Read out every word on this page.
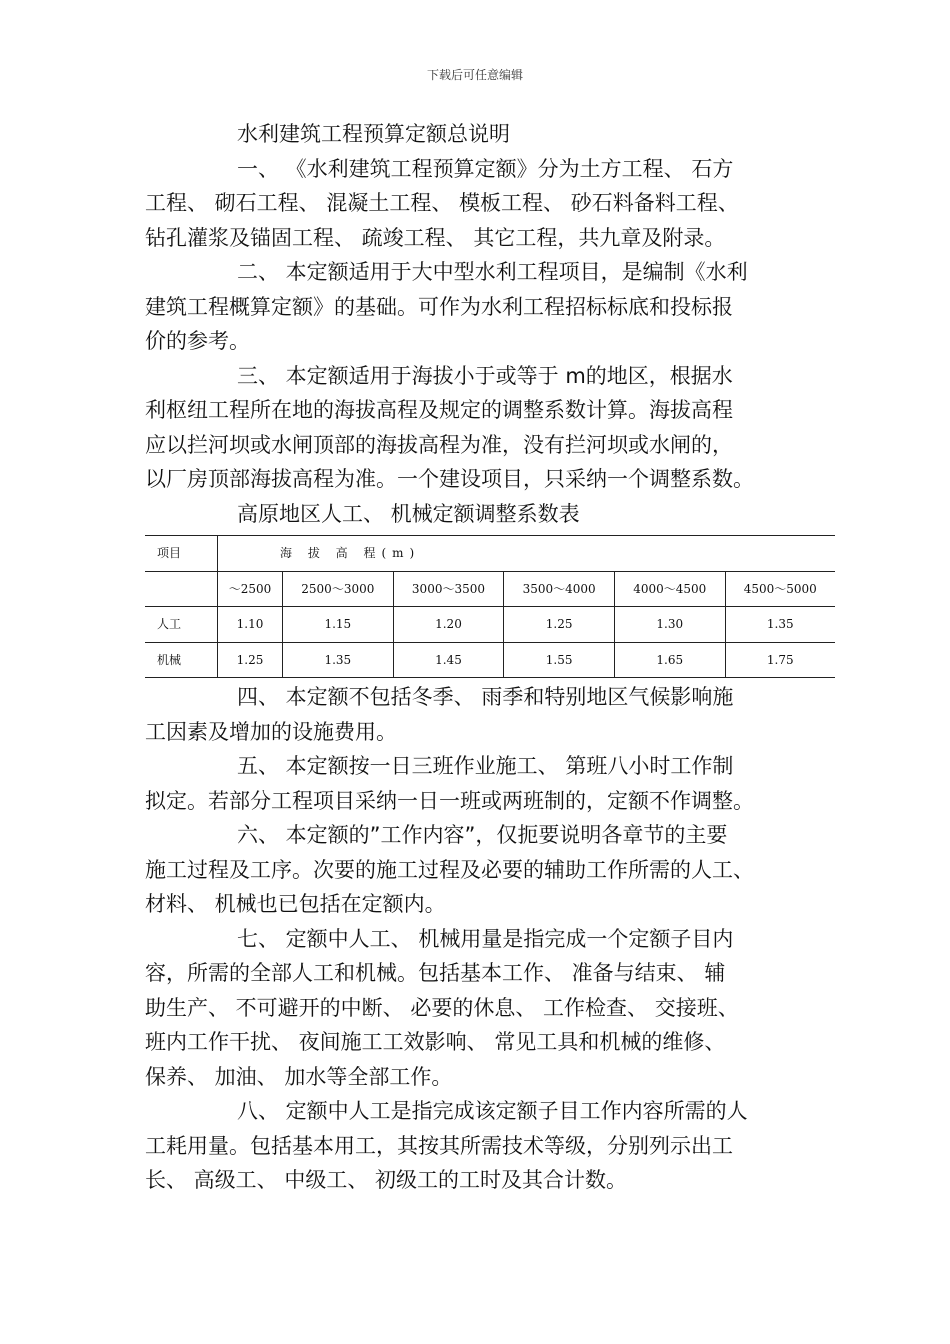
下载后可任意编辑

水利建筑工程预算定额总说明

一、 《水利建筑工程预算定额》分为土方工程、 石方
工程、 砌石工程、 混凝土工程、 模板工程、 砂石料备料工程、
钻孔灌浆及锚固工程、 疏竣工程、 其它工程，共九章及附录。

二、 本定额适用于大中型水利工程项目，是编制《水利
建筑工程概算定额》的基础。可作为水利工程招标标底和投标报
价的参考。

三、 本定额适用于海拔小于或等于 m的地区，根据水
利枢纽工程所在地的海拔高程及规定的调整系数计算。海拔高程
应以拦河坝或水闸顶部的海拔高程为准，没有拦河坝或水闸的，
以厂房顶部海拔高程为准。一个建设项目，只采纳一个调整系数。

高原地区人工、 机械定额调整系数表

项目	海 拔 高 程(m)					
	～2500	2500～3000	3000～3500	3500～4000	4000～4500	4500～5000
人工	1.10	1.15	1.20	1.25	1.30	1.35
机械	1.25	1.35	1.45	1.55	1.65	1.75

四、 本定额不包括冬季、 雨季和特别地区气候影响施
工因素及增加的设施费用。

五、 本定额按一日三班作业施工、 第班八小时工作制
拟定。若部分工程项目采纳一日一班或两班制的，定额不作调整。

六、 本定额的”工作内容”，仅扼要说明各章节的主要
施工过程及工序。次要的施工过程及必要的辅助工作所需的人工、
材料、 机械也已包括在定额内。

七、 定额中人工、 机械用量是指完成一个定额子目内
容，所需的全部人工和机械。包括基本工作、 准备与结束、 辅
助生产、 不可避开的中断、 必要的休息、 工作检查、 交接班、
班内工作干扰、 夜间施工工效影响、 常见工具和机械的维修、
保养、 加油、 加水等全部工作。

八、 定额中人工是指完成该定额子目工作内容所需的人
工耗用量。包括基本用工，其按其所需技术等级，分别列示出工
长、 高级工、 中级工、 初级工的工时及其合计数。
